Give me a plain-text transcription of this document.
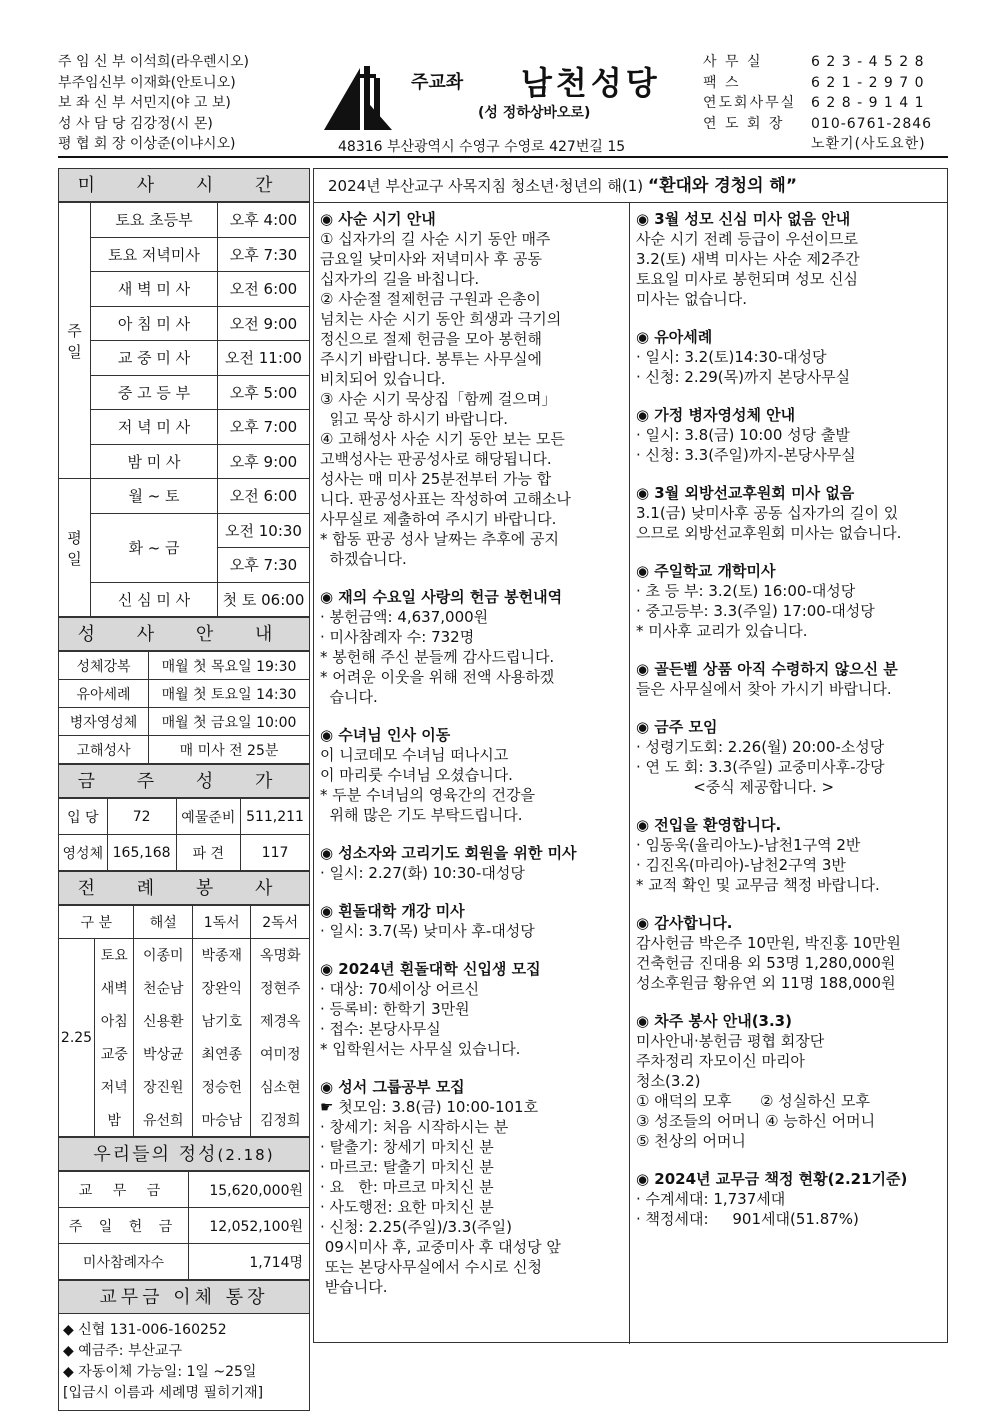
주 임 신 부 이석희(라우렌시오)
부주임신부 이재화(안토니오)
보 좌 신 부 서민지(야 고 보)
성 사 담 당 김강정(시 몬)
평 협 회 장 이상준(이냐시오)
주교좌 남천성당
(성 정하상바오로)
48316 부산광역시 수영구 수영로 427번길 15
사 무 실	6 2 3 - 4 5 2 8
팩 스	6 2 1 - 2 9 7 0
연도회사무실 6 2 8 - 9 1 4 1
연 도 회 장 010-6761-2846
노환기(사도요한)
미 사 시 간
주 일	토요 초등부	오후 4:00
	토요 저녁미사	오후 7:30
	새 벽 미 사	오전 6:00
	아 침 미 사	오전 9:00
	교 중 미 사	오전 11:00
	중 고 등 부	오후 5:00
	저 녁 미 사	오후 7:00
	밤 미 사	오후 9:00
평 일	월 ~ 토	오전 6:00
	화 ~ 금	오전 10:30
		오후 7:30
	신 심 미 사	첫 토 06:00
성 사 안 내
성체강복	매월 첫 목요일 19:30
유아세례	매월 첫 토요일 14:30
병자영성체	매월 첫 금요일 10:00
고해성사	매 미사 전 25분
금 주 성 가
입 당	72	예물준비	511,211
영성체	165,168	파 견	117
전 례 봉 사
구 분		해설	1독서	2독서
2.25	토요	이종미	박종재	옥명화
	새벽	천순남	장완익	정현주
	아침	신용환	남기호	제경옥
	교중	박상균	최연종	여미정
	저녁	장진원	정승헌	심소현
	밤	유선희	마승남	김정희
우리들의 정성(2.18)
교 무 금	15,620,000원
주 일 헌 금	12,052,100원
미사참례자수	1,714명
교무금 이체 통장
◆ 신협 131-006-160252
◆ 예금주: 부산교구
◆ 자동이체 가능일: 1일 ~25일
[입금시 이름과 세례명 필히기재]
2024년 부산교구 사목지침 청소년·청년의 해(1) “환대와 경청의 해”
◉ 사순 시기 안내
① 십자가의 길 사순 시기 동안 매주
금요일 낮미사와 저녁미사 후 공동
십자가의 길을 바칩니다.
② 사순절 절제헌금 구원과 은총이
넘치는 사순 시기 동안 희생과 극기의
정신으로 절제 헌금을 모아 봉헌해
주시기 바랍니다. 봉투는 사무실에
비치되어 있습니다.
③ 사순 시기 묵상집「함께 걸으며」
읽고 묵상 하시기 바랍니다.
④ 고해성사 사순 시기 동안 보는 모든
고백성사는 판공성사로 해당됩니다.
성사는 매 미사 25분전부터 가능 합
니다. 판공성사표는 작성하여 고해소나
사무실로 제출하여 주시기 바랍니다.
* 합동 판공 성사 날짜는 추후에 공지
하겠습니다.
◉ 재의 수요일 사랑의 헌금 봉헌내역
· 봉헌금액: 4,637,000원
· 미사참례자 수: 732명
* 봉헌해 주신 분들께 감사드립니다.
* 어려운 이웃을 위해 전액 사용하겠
습니다.
◉ 수녀님 인사 이동
이 니코데모 수녀님 떠나시고
이 마리룻 수녀님 오셨습니다.
* 두분 수녀님의 영육간의 건강을
위해 많은 기도 부탁드립니다.
◉ 성소자와 고리기도 회원을 위한 미사
· 일시: 2.27(화) 10:30-대성당
◉ 흰돌대학 개강 미사
· 일시: 3.7(목) 낮미사 후-대성당
◉ 2024년 흰돌대학 신입생 모집
· 대상: 70세이상 어르신
· 등록비: 한학기 3만원
· 접수: 본당사무실
* 입학원서는 사무실 있습니다.
◉ 성서 그룹공부 모집
☛ 첫모임: 3.8(금) 10:00-101호
· 창세기: 처음 시작하시는 분
· 탈출기: 창세기 마치신 분
· 마르코: 탈출기 마치신 분
· 요   한: 마르코 마치신 분
· 사도행전: 요한 마치신 분
· 신청: 2.25(주일)/3.3(주일)
09시미사 후, 교중미사 후 대성당 앞
또는 본당사무실에서 수시로 신청
받습니다.
◉ 3월 성모 신심 미사 없음 안내
사순 시기 전례 등급이 우선이므로
3.2(토) 새벽 미사는 사순 제2주간
토요일 미사로 봉헌되며 성모 신심
미사는 없습니다.
◉ 유아세례
· 일시: 3.2(토)14:30-대성당
· 신청: 2.29(목)까지 본당사무실
◉ 가정 병자영성체 안내
· 일시: 3.8(금) 10:00 성당 출발
· 신청: 3.3(주일)까지-본당사무실
◉ 3월 외방선교후원회 미사 없음
3.1(금) 낮미사후 공동 십자가의 길이 있
으므로 외방선교후원회 미사는 없습니다.
◉ 주일학교 개학미사
· 초 등 부: 3.2(토) 16:00-대성당
· 중고등부: 3.3(주일) 17:00-대성당
* 미사후 교리가 있습니다.
◉ 골든벨 상품 아직 수령하지 않으신 분
들은 사무실에서 찾아 가시기 바랍니다.
◉ 금주 모임
· 성령기도회: 2.26(월) 20:00-소성당
· 연 도 회: 3.3(주일) 교중미사후-강당
<중식 제공합니다. >
◉ 전입을 환영합니다.
· 임동욱(율리아노)-남천1구역 2반
· 김진옥(마리아)-남천2구역 3반
* 교적 확인 및 교무금 책정 바랍니다.
◉ 감사합니다.
감사헌금 박은주 10만원, 박진홍 10만원
건축헌금 진대용 외 53명 1,280,000원
성소후원금 황유연 외 11명 188,000원
◉ 차주 봉사 안내(3.3)
미사안내·봉헌금 평협 회장단
주차정리 자모이신 마리아
청소(3.2)
① 애덕의 모후      ② 성실하신 모후
③ 성조들의 어머니 ④ 능하신 어머니
⑤ 천상의 어머니
◉ 2024년 교무금 책정 현황(2.21기준)
· 수계세대: 1,737세대
· 책정세대:     901세대(51.87%)
